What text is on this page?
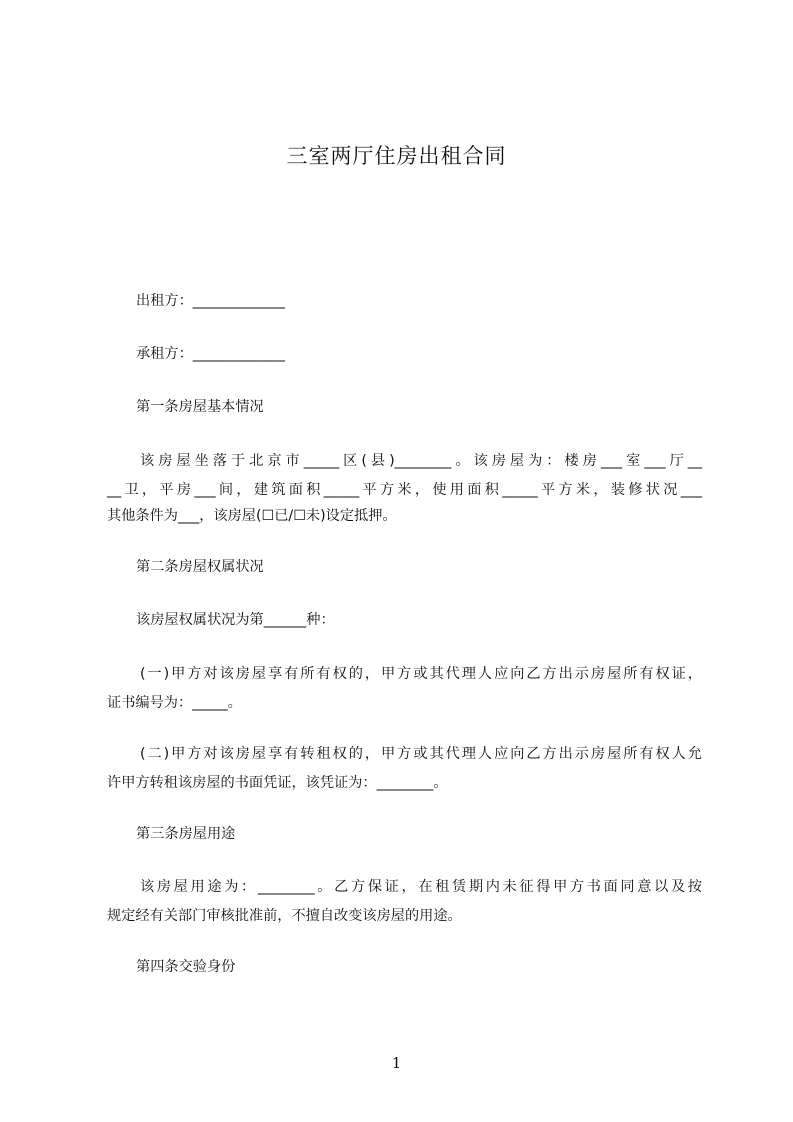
三室两厅住房出租合同
出租方：_____________
承租方：_____________
第一条房屋基本情况
该房屋坐落于北京市_____区(县)________。该房屋为：楼房___室___厅__
__卫，平房___间，建筑面积_____平方米，使用面积_____平方米，装修状况___
其他条件为___，该房屋(☐已/☐未)设定抵押。
第二条房屋权属状况
该房屋权属状况为第______种：
(一)甲方对该房屋享有所有权的，甲方或其代理人应向乙方出示房屋所有权证，
证书编号为：_____。
(二)甲方对该房屋享有转租权的，甲方或其代理人应向乙方出示房屋所有权人允
许甲方转租该房屋的书面凭证，该凭证为：________。
第三条房屋用途
该房屋用途为：________。乙方保证，在租赁期内未征得甲方书面同意以及按
规定经有关部门审核批准前，不擅自改变该房屋的用途。
第四条交验身份
1
